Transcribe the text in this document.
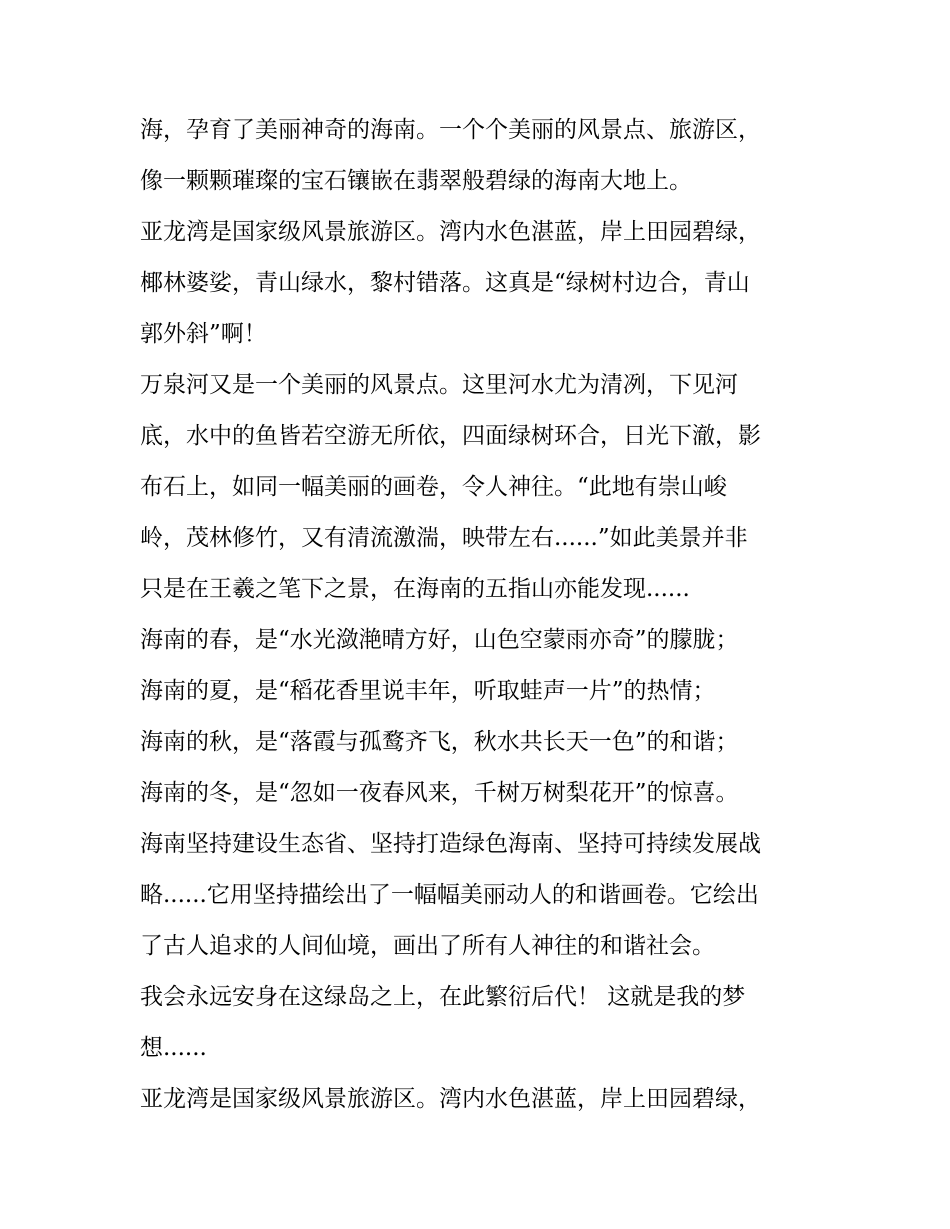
海，孕育了美丽神奇的海南。一个个美丽的风景点、旅游区，
像一颗颗璀璨的宝石镶嵌在翡翠般碧绿的海南大地上。
亚龙湾是国家级风景旅游区。湾内水色湛蓝，岸上田园碧绿，
椰林婆娑，青山绿水，黎村错落。这真是“绿树村边合，青山
郭外斜”啊！
万泉河又是一个美丽的风景点。这里河水尤为清冽，下见河
底，水中的鱼皆若空游无所依，四面绿树环合，日光下澈，影
布石上，如同一幅美丽的画卷，令人神往。“此地有崇山峻
岭，茂林修竹，又有清流激湍，映带左右......”如此美景并非
只是在王羲之笔下之景，在海南的五指山亦能发现......
海南的春，是“水光潋滟晴方好，山色空蒙雨亦奇”的朦胧；
海南的夏，是“稻花香里说丰年，听取蛙声一片”的热情；
海南的秋，是“落霞与孤鹜齐飞，秋水共长天一色”的和谐；
海南的冬，是“忽如一夜春风来，千树万树梨花开”的惊喜。
海南坚持建设生态省、坚持打造绿色海南、坚持可持续发展战
略......它用坚持描绘出了一幅幅美丽动人的和谐画卷。它绘出
了古人追求的人间仙境，画出了所有人神往的和谐社会。
我会永远安身在这绿岛之上，在此繁衍后代！ 这就是我的梦
想......
亚龙湾是国家级风景旅游区。湾内水色湛蓝，岸上田园碧绿，
